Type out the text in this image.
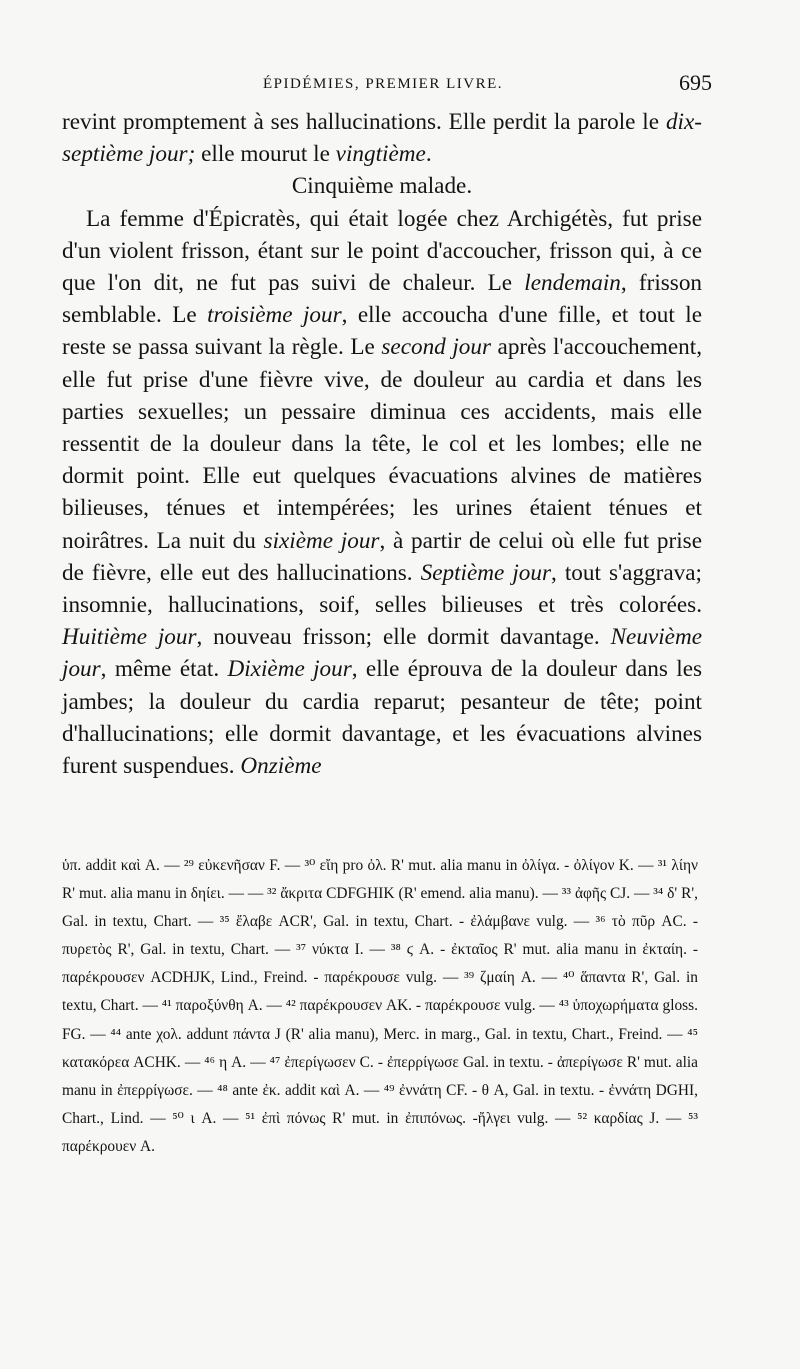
ÉPIDÉMIES, PREMIER LIVRE.	695

revint promptement à ses hallucinations. Elle perdit la parole le dix-septième jour; elle mourut le vingtième.

Cinquième malade.

La femme d'Épicratès, qui était logée chez Archigétès, fut prise d'un violent frisson, étant sur le point d'accoucher, frisson qui, à ce que l'on dit, ne fut pas suivi de chaleur. Le lendemain, frisson semblable. Le troisième jour, elle accoucha d'une fille, et tout le reste se passa suivant la règle. Le second jour après l'accouchement, elle fut prise d'une fièvre vive, de douleur au cardia et dans les parties sexuelles; un pessaire diminua ces accidents, mais elle ressentit de la douleur dans la tête, le col et les lombes; elle ne dormit point. Elle eut quelques évacuations alvines de matières bilieuses, ténues et intempérées; les urines étaient ténues et noirâtres. La nuit du sixième jour, à partir de celui où elle fut prise de fièvre, elle eut des hallucinations. Septième jour, tout s'aggrava; insomnie, hallucinations, soif, selles bilieuses et très colorées. Huitième jour, nouveau frisson; elle dormit davantage. Neuvième jour, même état. Dixième jour, elle éprouva de la douleur dans les jambes; la douleur du cardia reparut; pesanteur de tête; point d'hallucinations; elle dormit davantage, et les évacuations alvines furent suspendues. Onzième

ὑπ. addit καὶ A. — ²⁹ εὐκενῆσαν F. — ³⁰ εἴη pro ὀλ. R' mut. alia manu in ὀλίγα. - ὀλίγον K. — ³¹ λίην R' mut. alia manu in δηίει. — — ³² ἄκριτα CDFGHIK (R' emend. alia manu). — ³³ ἀφῆς CJ. — ³⁴ δ' R', Gal. in textu, Chart. — ³⁵ ἔλαβε ACR', Gal. in textu, Chart. - ἐλάμβανε vulg. — ³⁶ τὸ πῦρ AC. - πυρετὸς R', Gal. in textu, Chart. — ³⁷ νύκτα I. — ³⁸ ϛ A. - ἐκταῖος R' mut. alia manu in ἐκταίη. - παρέκρουσεν ACDHJK, Lind., Freind. - παρέκρουσε vulg. — ³⁹ ζμαίη A. — ⁴⁰ ἅπαντα R', Gal. in textu, Chart. — ⁴¹ παροξύνθη A. — ⁴² παρέκρουσεν AK. - παρέκρουσε vulg. — ⁴³ ὑποχωρήματα gloss. FG. — ⁴⁴ ante χολ. addunt πάντα J (R' alia manu), Merc. in marg., Gal. in textu, Chart., Freind. — ⁴⁵ κατακόρεα ACHK. — ⁴⁶ η A. — ⁴⁷ ἐπερίγωσεν C. - ἐπερρίγωσε Gal. in textu. - ἀπερίγωσε R' mut. alia manu in ἐπερρίγωσε. — ⁴⁸ ante ἐκ. addit καὶ A. — ⁴⁹ ἐννάτη CF. - θ A, Gal. in textu. - ἐννάτη DGHI, Chart., Lind. — ⁵⁰ ι A. — ⁵¹ ἐπὶ πόνως R' mut. in ἐπιπόνως. -ἤλγει vulg. — ⁵² καρδίας J. — ⁵³ παρέκρουεν A.
